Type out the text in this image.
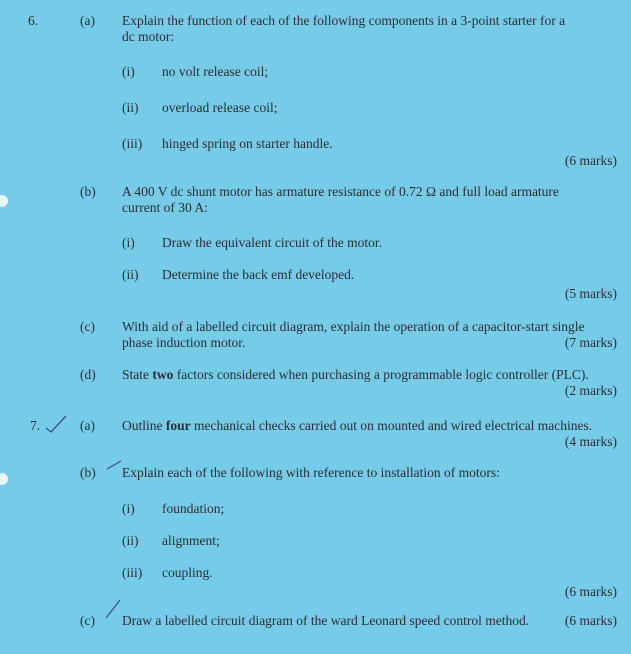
6.	(a) Explain the function of each of the following components in a 3-point starter for a
dc motor:
(i) no volt release coil;
(ii) overload release coil;
(iii) hinged spring on starter handle.
(6 marks)
(b) A 400 V dc shunt motor has armature resistance of 0.72 Ω and full load armature
current of 30 A:
(i) Draw the equivalent circuit of the motor.
(ii) Determine the back emf developed.
(5 marks)
(c) With aid of a labelled circuit diagram, explain the operation of a capacitor-start single
phase induction motor.	(7 marks)
(d) State two factors considered when purchasing a programmable logic controller (PLC).
(2 marks)
7.	(a) Outline four mechanical checks carried out on mounted and wired electrical machines.
(4 marks)
(b) Explain each of the following with reference to installation of motors:
(i) foundation;
(ii) alignment;
(iii) coupling.
(6 marks)
(c) Draw a labelled circuit diagram of the ward Leonard speed control method.	(6 marks)
